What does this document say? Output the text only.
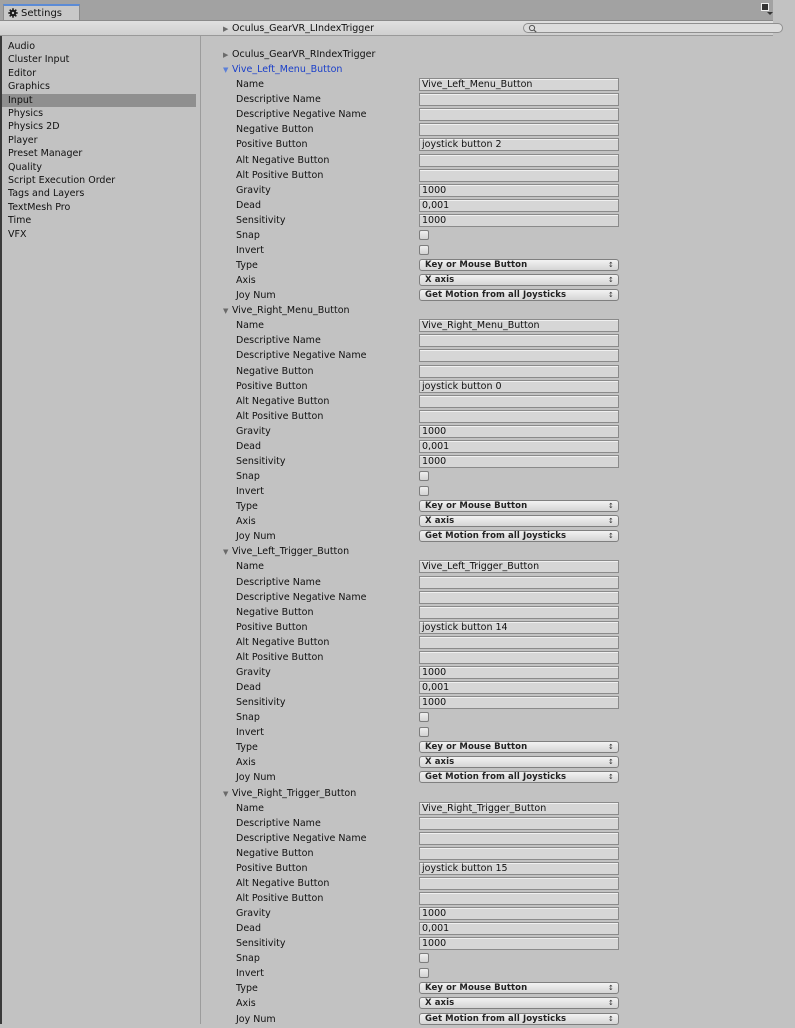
Settings
Audio
Cluster Input
Editor
Graphics
Input
Physics
Physics 2D
Player
Preset Manager
Quality
Script Execution Order
Tags and Layers
TextMesh Pro
Time
VFX
▶ Oculus_GearVR_LIndexTrigger
▶ Oculus_GearVR_RIndexTrigger
▼ Vive_Left_Menu_Button
Name	Vive_Left_Menu_Button
Descriptive Name
Descriptive Negative Name
Negative Button
Positive Button	joystick button 2
Alt Negative Button
Alt Positive Button
Gravity	1000
Dead	0,001
Sensitivity	1000
Snap
Invert
Type	Key or Mouse Button	↕
Axis	X axis	↕
Joy Num	Get Motion from all Joysticks	↕
▼ Vive_Right_Menu_Button
Name	Vive_Right_Menu_Button
Descriptive Name
Descriptive Negative Name
Negative Button
Positive Button	joystick button 0
Alt Negative Button
Alt Positive Button
Gravity	1000
Dead	0,001
Sensitivity	1000
Snap
Invert
Type	Key or Mouse Button	↕
Axis	X axis	↕
Joy Num	Get Motion from all Joysticks	↕
▼ Vive_Left_Trigger_Button
Name	Vive_Left_Trigger_Button
Descriptive Name
Descriptive Negative Name
Negative Button
Positive Button	joystick button 14
Alt Negative Button
Alt Positive Button
Gravity	1000
Dead	0,001
Sensitivity	1000
Snap
Invert
Type	Key or Mouse Button	↕
Axis	X axis	↕
Joy Num	Get Motion from all Joysticks	↕
▼ Vive_Right_Trigger_Button
Name	Vive_Right_Trigger_Button
Descriptive Name
Descriptive Negative Name
Negative Button
Positive Button	joystick button 15
Alt Negative Button
Alt Positive Button
Gravity	1000
Dead	0,001
Sensitivity	1000
Snap
Invert
Type	Key or Mouse Button	↕
Axis	X axis	↕
Joy Num	Get Motion from all Joysticks	↕
